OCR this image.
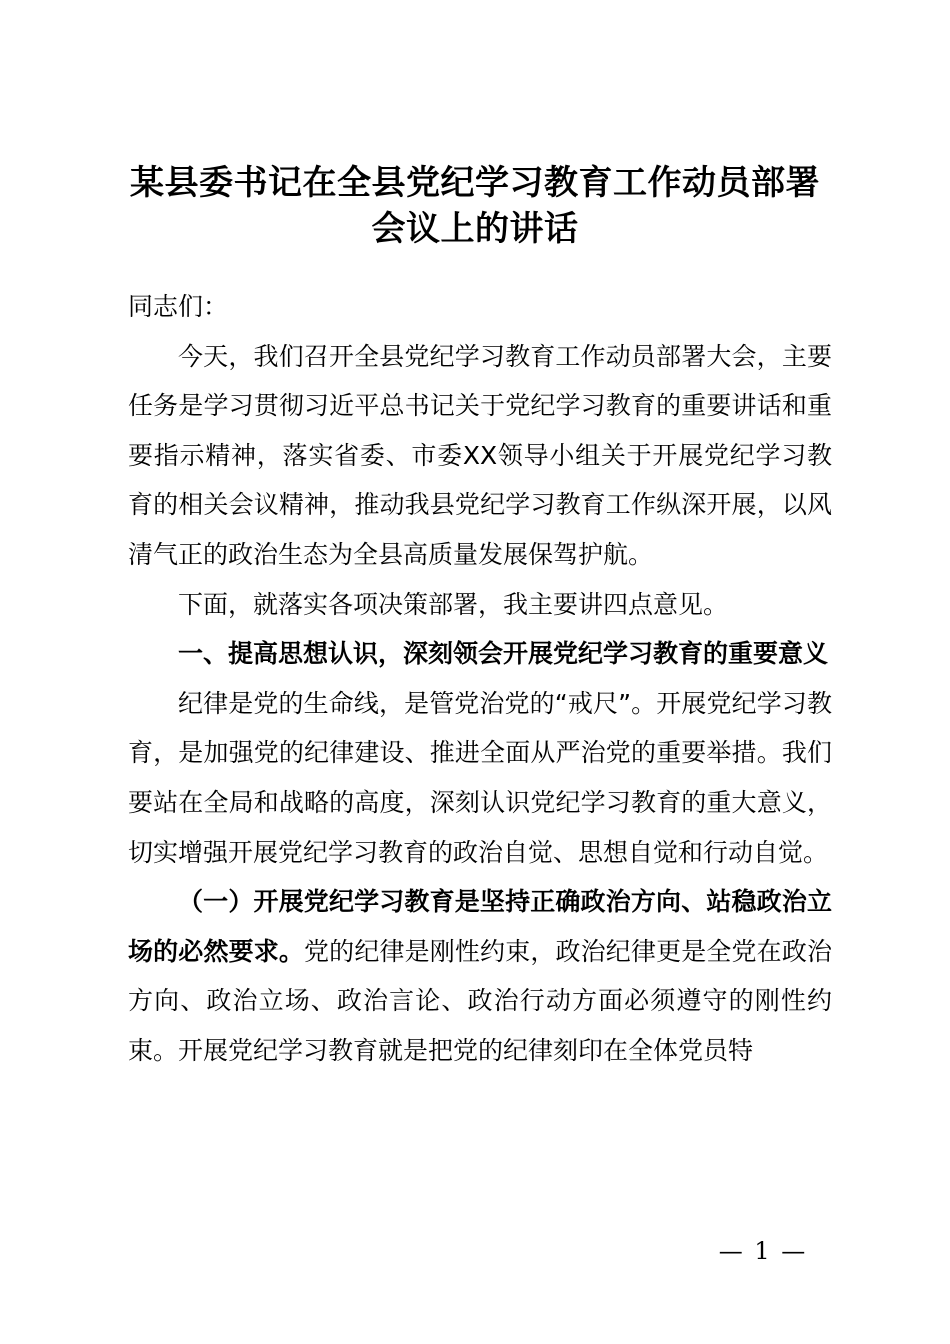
某县委书记在全县党纪学习教育工作动员部署
会议上的讲话

同志们：

今天，我们召开全县党纪学习教育工作动员部署大会，主要任务是学习贯彻习近平总书记关于党纪学习教育的重要讲话和重要指示精神，落实省委、市委XX领导小组关于开展党纪学习教育的相关会议精神，推动我县党纪学习教育工作纵深开展，以风清气正的政治生态为全县高质量发展保驾护航。

下面，就落实各项决策部署，我主要讲四点意见。

一、提高思想认识，深刻领会开展党纪学习教育的重要意义

纪律是党的生命线，是管党治党的“戒尺”。开展党纪学习教育，是加强党的纪律建设、推进全面从严治党的重要举措。我们要站在全局和战略的高度，深刻认识党纪学习教育的重大意义，切实增强开展党纪学习教育的政治自觉、思想自觉和行动自觉。

（一）开展党纪学习教育是坚持正确政治方向、站稳政治立场的必然要求。党的纪律是刚性约束，政治纪律更是全党在政治方向、政治立场、政治言论、政治行动方面必须遵守的刚性约束。开展党纪学习教育就是把党的纪律刻印在全体党员特

— 1 —
